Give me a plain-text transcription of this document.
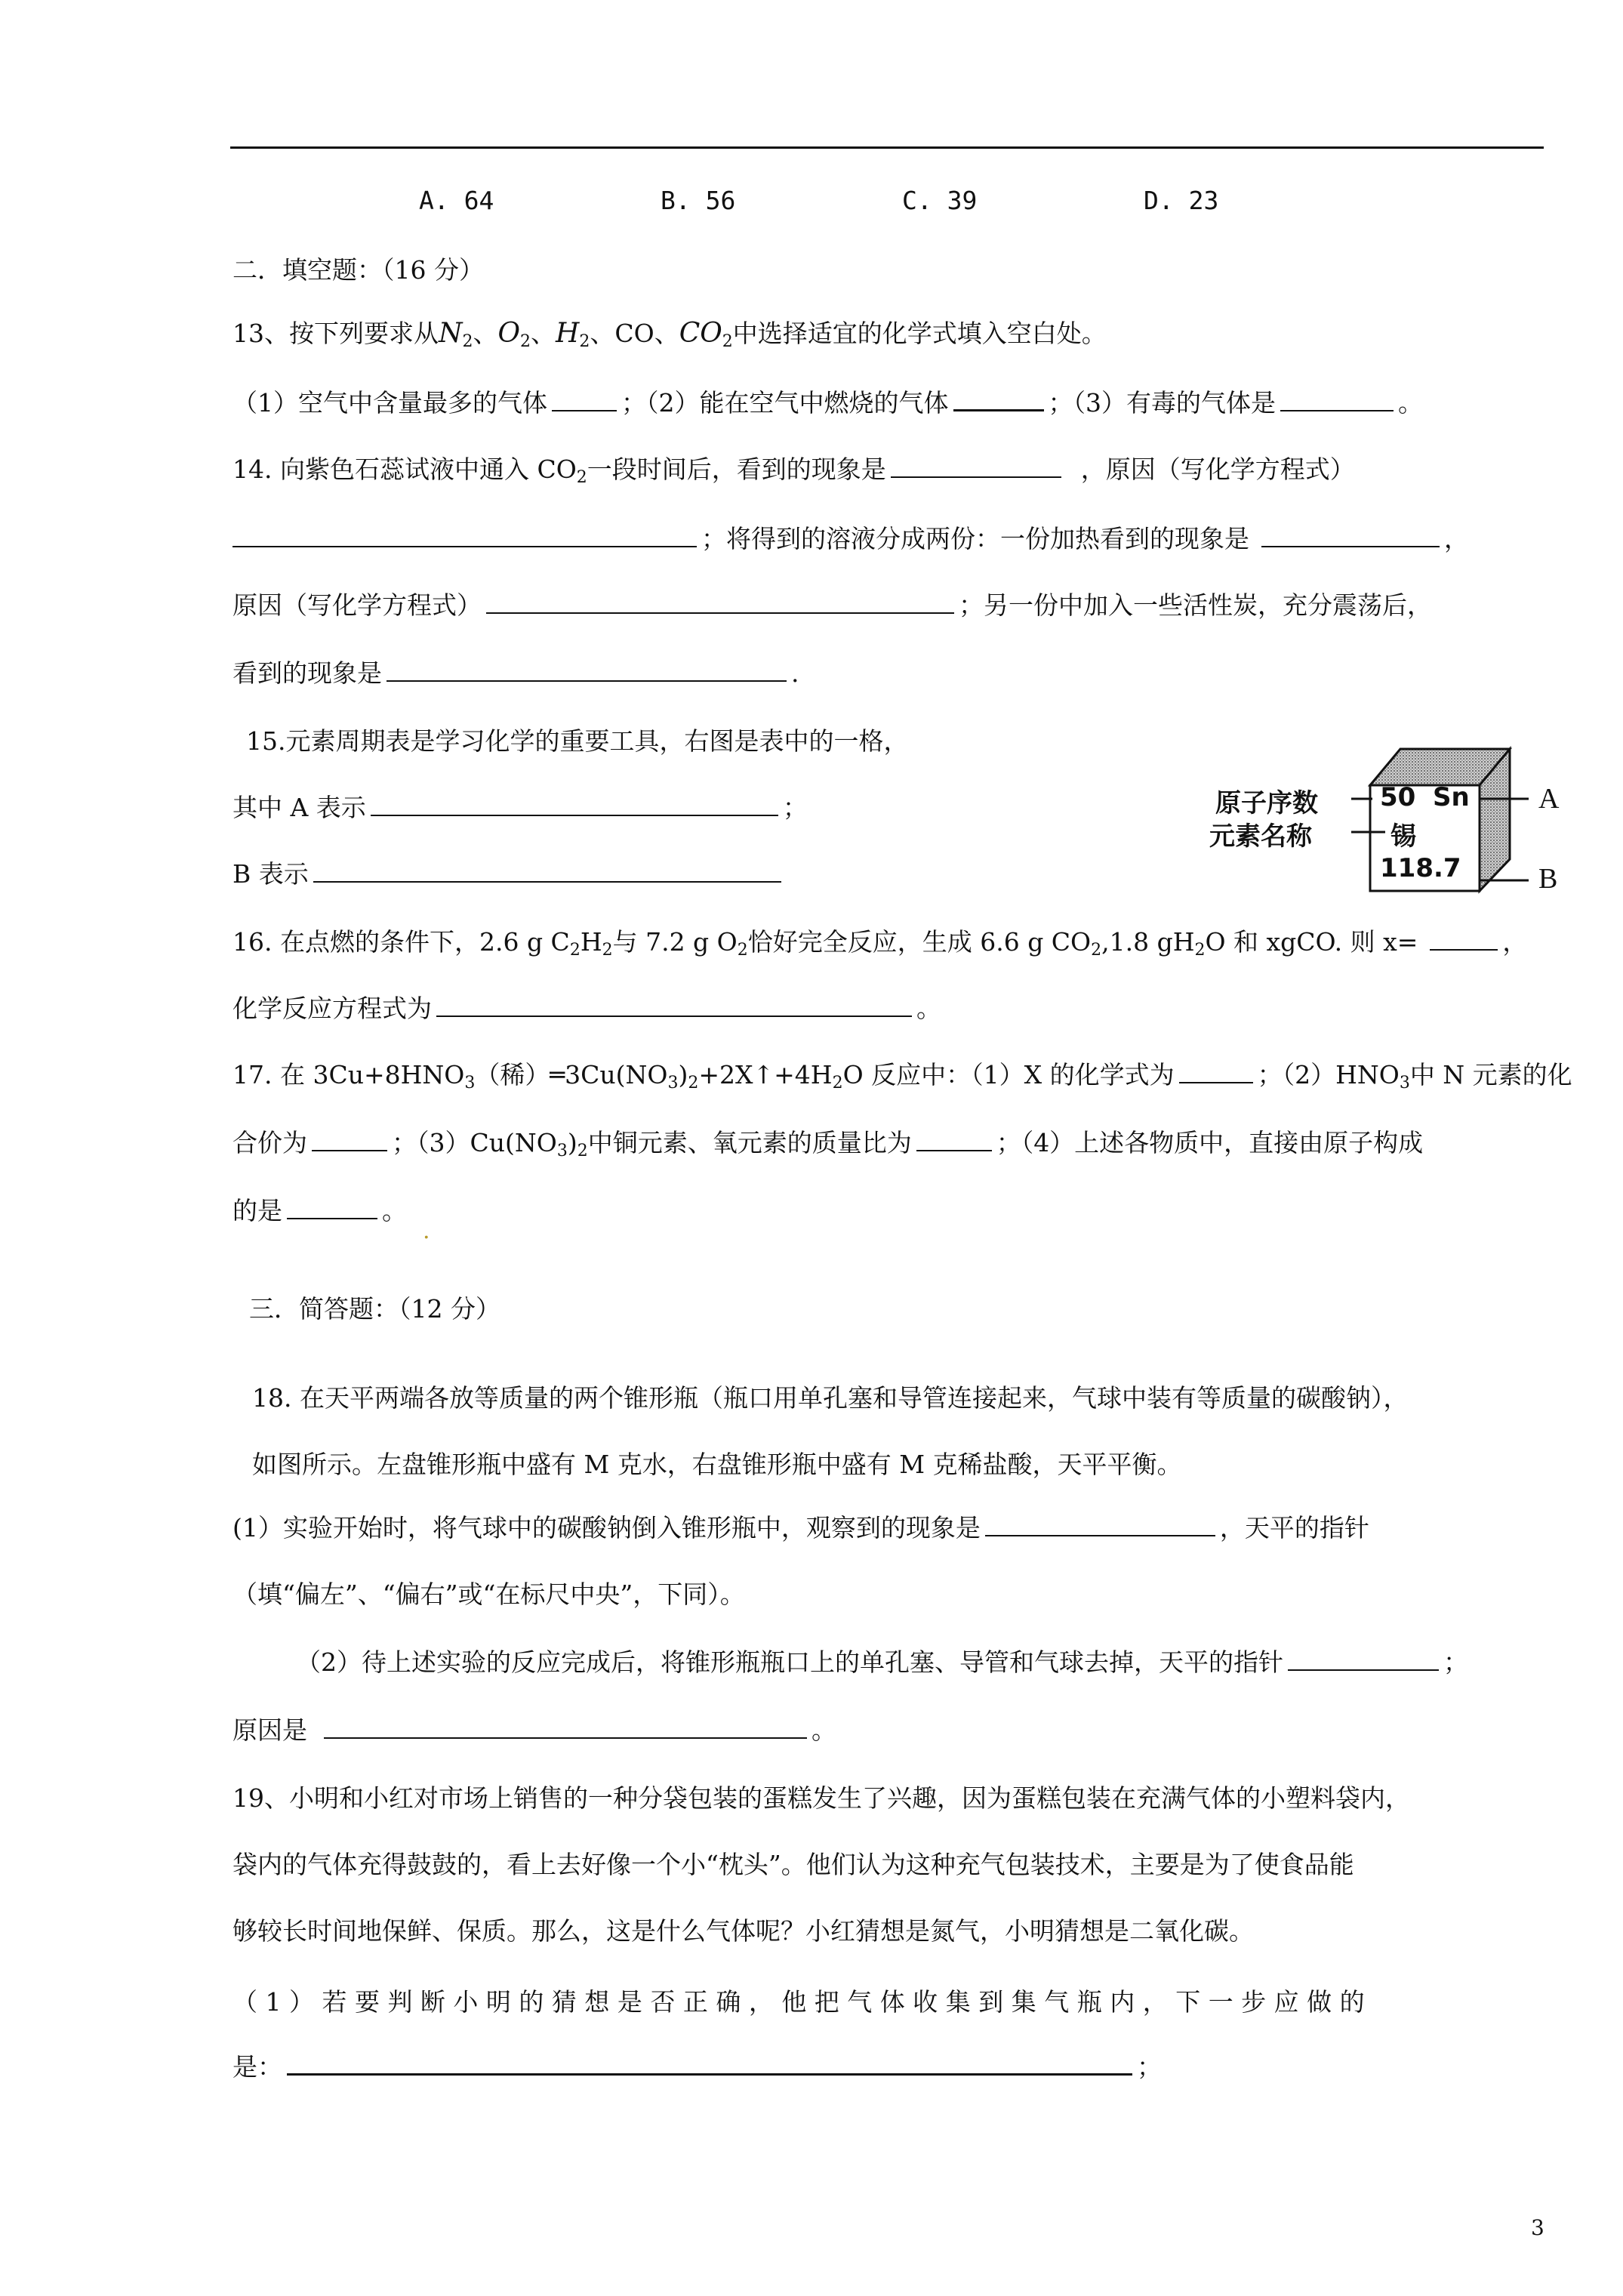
A. 64	B. 56	C. 39	D. 23
二．填空题：（16 分）
13、按下列要求从$N_2$、$O_2$、$H_2$、CO、$CO_2$中选择适宜的化学式填入空白处。
（1）空气中含量最多的气体	；（2）能在空气中燃烧的气体	；（3）有毒的气体是	。
14. 向紫色石蕊试液中通入 $CO_2$一段时间后，看到的现象是	，原因（写化学方程式）
；将得到的溶液分成两份：一份加热看到的现象是	，
原因（写化学方程式）	；另一份中加入一些活性炭，充分震荡后，
看到的现象是	.
15.元素周期表是学习化学的重要工具，右图是表中的一格，
其中 A 表示	；
B 表示
原子序数
元素名称
50 Sn
锡
118.7
A
B
16. 在点燃的条件下，2.6 g $C_2H_2$与 7.2 g $O_2$恰好完全反应，生成 6.6 g $CO_2,1.8$ $gH_2O$ 和 xgCO. 则 x=	，
化学反应方程式为	。
17. 在 $3Cu+8HNO_3$（稀）$═3Cu(NO_3)_2+2X↑+4H_2O$ 反应中：（1）X 的化学式为	；$(2)HNO_3$中 N 元素的化
合价为	；$(3)Cu(NO_3)_2$中铜元素、氧元素的质量比为	；（4）上述各物质中，直接由原子构成
的是	。
.
三．简答题：（12 分）
18. 在天平两端各放等质量的两个锥形瓶（瓶口用单孔塞和导管连接起来，气球中装有等质量的碳酸钠），
如图所示。左盘锥形瓶中盛有 M 克水，右盘锥形瓶中盛有 M 克稀盐酸，天平平衡。
(1）实验开始时，将气球中的碳酸钠倒入锥形瓶中，观察到的现象是	，天平的指针
（填“偏左”、“偏右”或“在标尺中央”，下同）。
（2）待上述实验的反应完成后，将锥形瓶瓶口上的单孔塞、导管和气球去掉，天平的指针	；
原因是	。
19、小明和小红对市场上销售的一种分袋包装的蛋糕发生了兴趣，因为蛋糕包装在充满气体的小塑料袋内，
袋内的气体充得鼓鼓的，看上去好像一个小“枕头”。他们认为这种充气包装技术，主要是为了使食品能
够较长时间地保鲜、保质。那么，这是什么气体呢？小红猜想是氮气，小明猜想是二氧化碳。
（ 1 ） 若 要 判 断 小 明 的 猜 想 是 否 正 确 ， 他 把 气 体 收 集 到 集 气 瓶 内 ， 下 一 步 应 做 的
是：	；
3
